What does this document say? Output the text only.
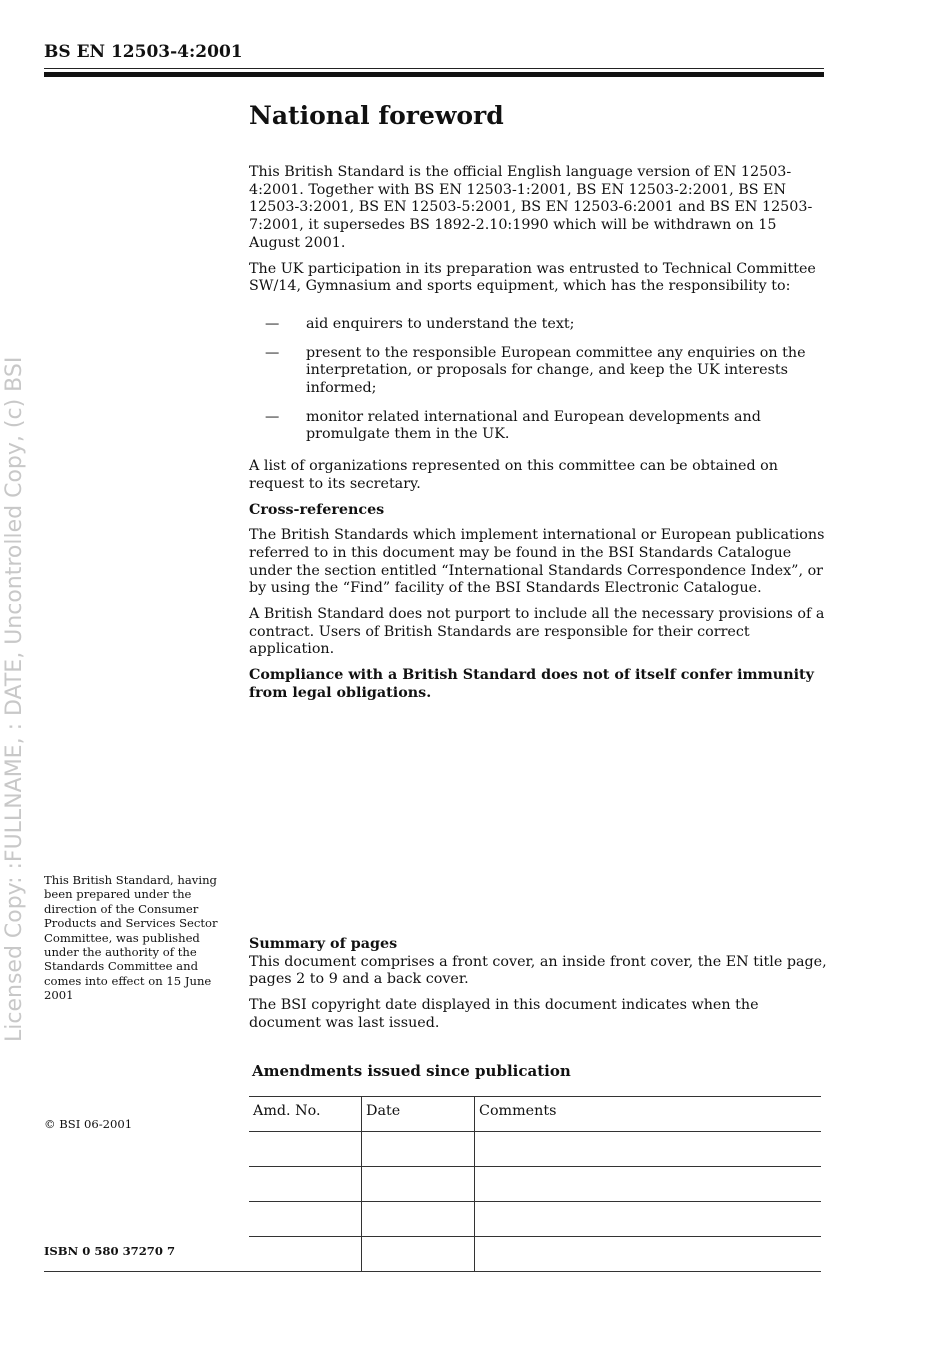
BS EN 12503-4:2001
Licensed Copy: :FULLNAME, : DATE, Uncontrolled Copy, (c) BSI
National foreword

This British Standard is the official English language version of EN 12503-4:2001. Together with BS EN 12503-1:2001, BS EN 12503-2:2001, BS EN 12503-3:2001, BS EN 12503-5:2001, BS EN 12503-6:2001 and BS EN 12503-7:2001, it supersedes BS 1892-2.10:1990 which will be withdrawn on 15 August 2001.

The UK participation in its preparation was entrusted to Technical Committee SW/14, Gymnasium and sports equipment, which has the responsibility to:

— aid enquirers to understand the text;
— present to the responsible European committee any enquiries on the interpretation, or proposals for change, and keep the UK interests informed;
— monitor related international and European developments and promulgate them in the UK.

A list of organizations represented on this committee can be obtained on request to its secretary.

Cross-references

The British Standards which implement international or European publications referred to in this document may be found in the BSI Standards Catalogue under the section entitled “International Standards Correspondence Index”, or by using the “Find” facility of the BSI Standards Electronic Catalogue.

A British Standard does not purport to include all the necessary provisions of a contract. Users of British Standards are responsible for their correct application.

Compliance with a British Standard does not of itself confer immunity from legal obligations.

This British Standard, having been prepared under the direction of the Consumer Products and Services Sector Committee, was published under the authority of the Standards Committee and comes into effect on 15 June 2001
© BSI 06-2001
ISBN 0 580 37270 7
Summary of pages

This document comprises a front cover, an inside front cover, the EN title page, pages 2 to 9 and a back cover.

The BSI copyright date displayed in this document indicates when the document was last issued.

Amendments issued since publication
Amd. No.	Date	Comments
